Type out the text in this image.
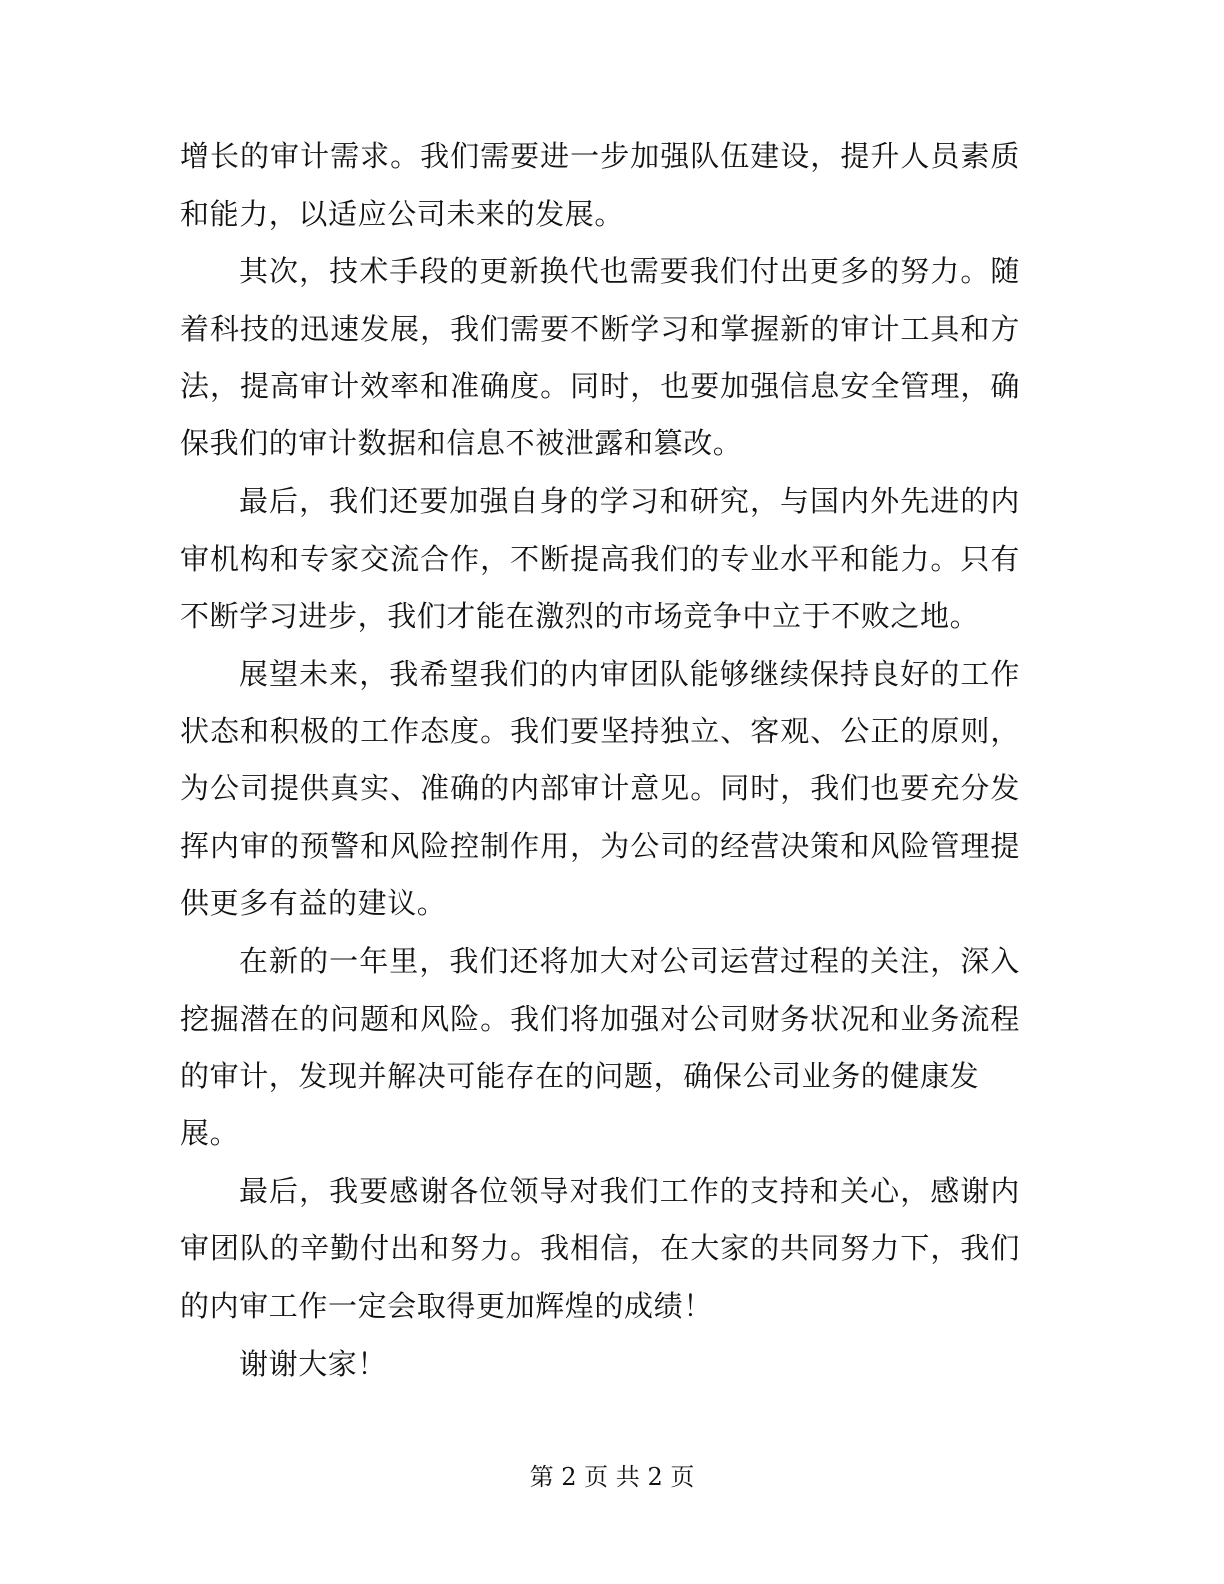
增长的审计需求。我们需要进一步加强队伍建设，提升人员素质
和能力，以适应公司未来的发展。
其次，技术手段的更新换代也需要我们付出更多的努力。随
着科技的迅速发展，我们需要不断学习和掌握新的审计工具和方
法，提高审计效率和准确度。同时，也要加强信息安全管理，确
保我们的审计数据和信息不被泄露和篡改。
最后，我们还要加强自身的学习和研究，与国内外先进的内
审机构和专家交流合作，不断提高我们的专业水平和能力。只有
不断学习进步，我们才能在激烈的市场竞争中立于不败之地。
展望未来，我希望我们的内审团队能够继续保持良好的工作
状态和积极的工作态度。我们要坚持独立、客观、公正的原则，
为公司提供真实、准确的内部审计意见。同时，我们也要充分发
挥内审的预警和风险控制作用，为公司的经营决策和风险管理提
供更多有益的建议。
在新的一年里，我们还将加大对公司运营过程的关注，深入
挖掘潜在的问题和风险。我们将加强对公司财务状况和业务流程
的审计，发现并解决可能存在的问题，确保公司业务的健康发
展。
最后，我要感谢各位领导对我们工作的支持和关心，感谢内
审团队的辛勤付出和努力。我相信，在大家的共同努力下，我们
的内审工作一定会取得更加辉煌的成绩！
谢谢大家！
第 2 页 共 2 页
